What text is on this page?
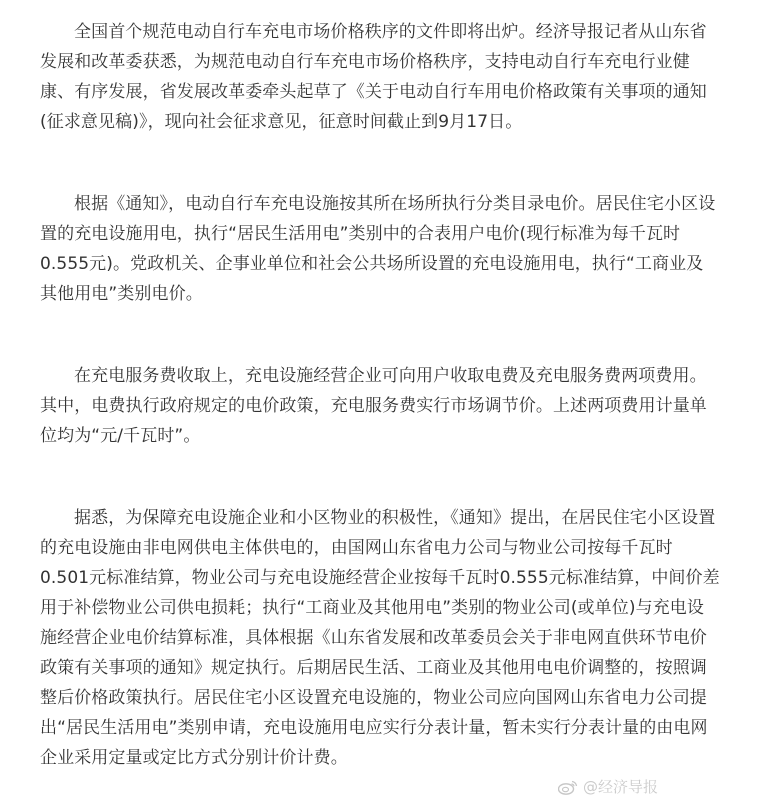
全国首个规范电动自行车充电市场价格秩序的文件即将出炉。经济导报记者从山东省发展和改革委获悉，为规范电动自行车充电市场价格秩序，支持电动自行车充电行业健康、有序发展，省发展改革委牵头起草了《关于电动自行车用电价格政策有关事项的通知(征求意见稿)》，现向社会征求意见，征意时间截止到9月17日。

根据《通知》，电动自行车充电设施按其所在场所执行分类目录电价。居民住宅小区设置的充电设施用电，执行“居民生活用电”类别中的合表用户电价(现行标准为每千瓦时0.555元)。党政机关、企事业单位和社会公共场所设置的充电设施用电，执行“工商业及其他用电”类别电价。

在充电服务费收取上，充电设施经营企业可向用户收取电费及充电服务费两项费用。其中，电费执行政府规定的电价政策，充电服务费实行市场调节价。上述两项费用计量单位均为“元/千瓦时”。

据悉，为保障充电设施企业和小区物业的积极性，《通知》提出，在居民住宅小区设置的充电设施由非电网供电主体供电的，由国网山东省电力公司与物业公司按每千瓦时0.501元标准结算，物业公司与充电设施经营企业按每千瓦时0.555元标准结算，中间价差用于补偿物业公司供电损耗；执行“工商业及其他用电”类别的物业公司(或单位)与充电设施经营企业电价结算标准，具体根据《山东省发展和改革委员会关于非电网直供环节电价政策有关事项的通知》规定执行。后期居民生活、工商业及其他用电电价调整的，按照调整后价格政策执行。居民住宅小区设置充电设施的，物业公司应向国网山东省电力公司提出“居民生活用电”类别申请，充电设施用电应实行分表计量，暂未实行分表计量的由电网企业采用定量或定比方式分别计价计费。

@经济导报
